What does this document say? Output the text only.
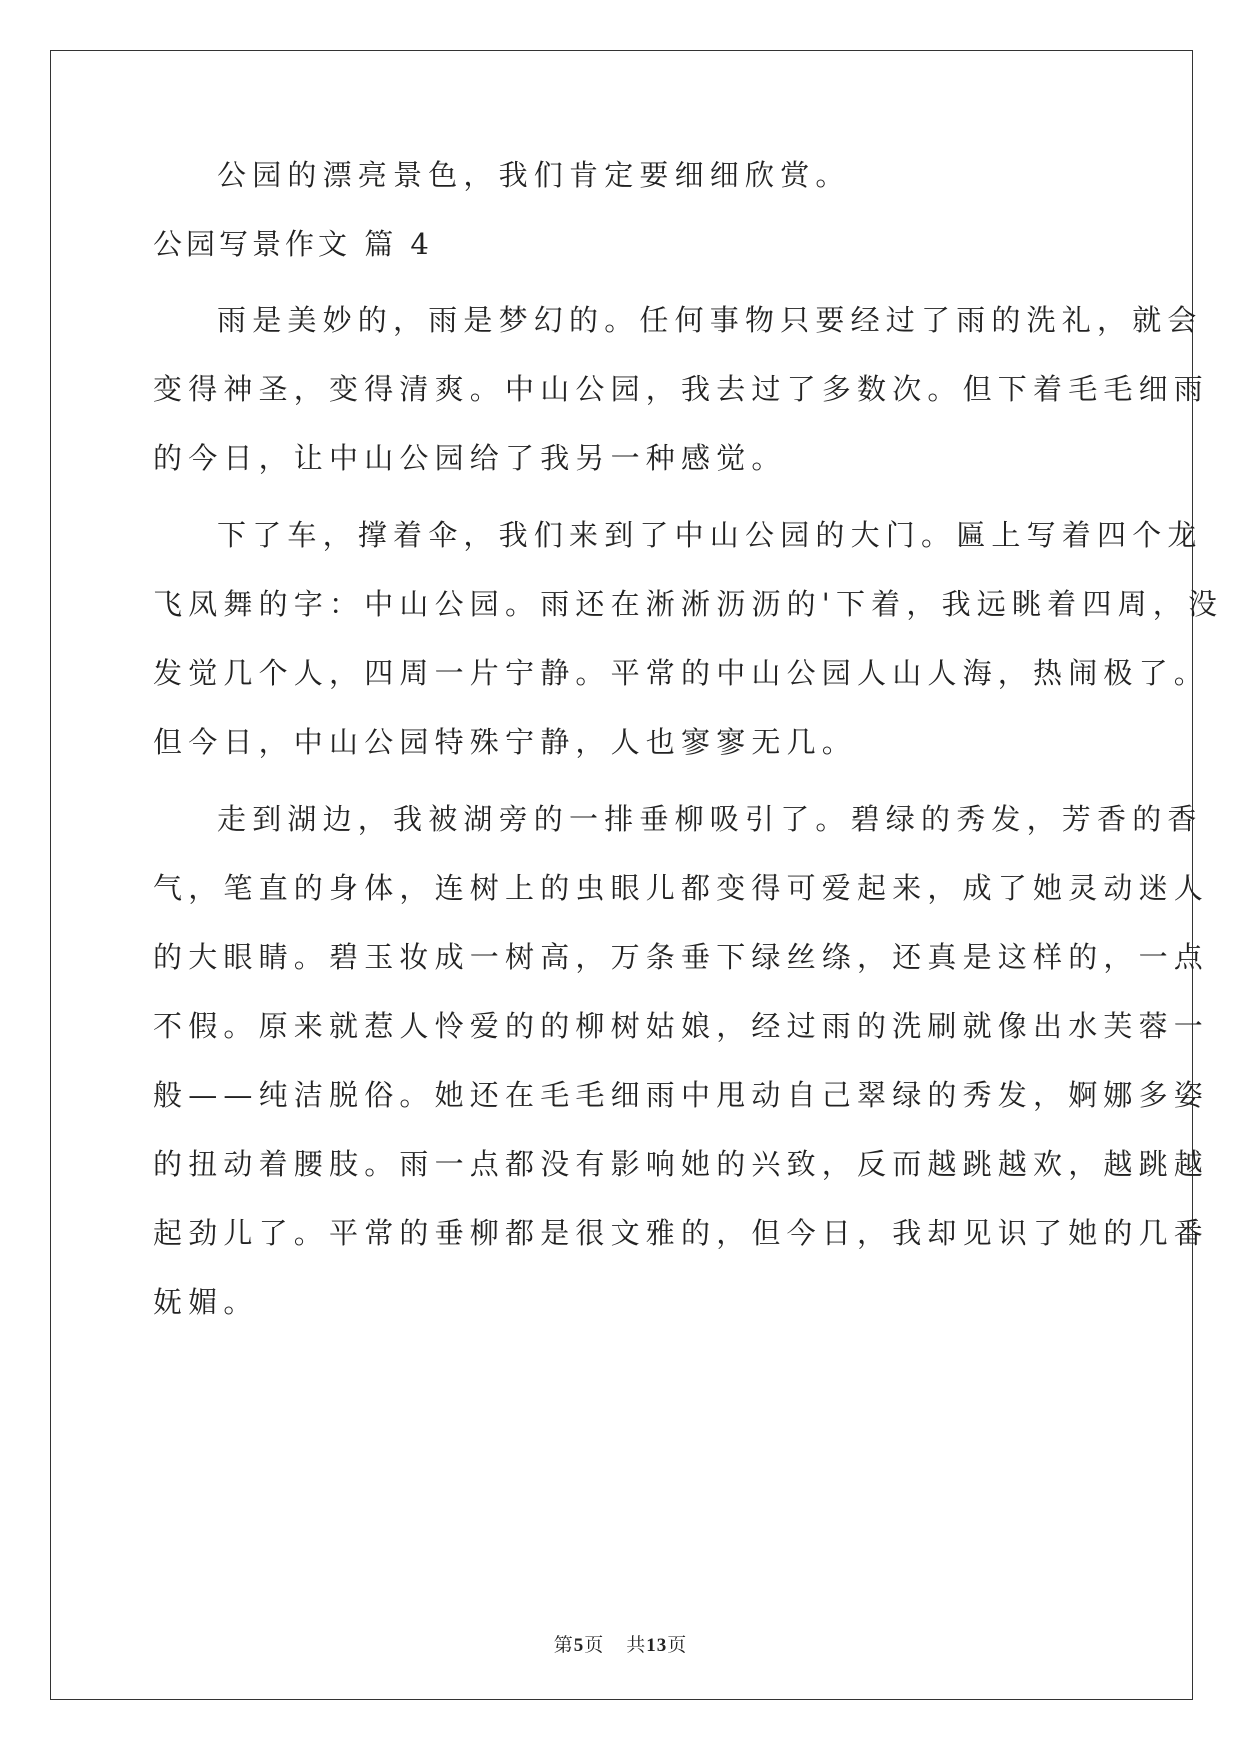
公园的漂亮景色，我们肯定要细细欣赏。
公园写景作文 篇 4
雨是美妙的，雨是梦幻的。任何事物只要经过了雨的洗礼，就会
变得神圣，变得清爽。中山公园，我去过了多数次。但下着毛毛细雨
的今日，让中山公园给了我另一种感觉。
下了车，撑着伞，我们来到了中山公园的大门。匾上写着四个龙
飞凤舞的字：中山公园。雨还在淅淅沥沥的'下着，我远眺着四周，没
发觉几个人，四周一片宁静。平常的中山公园人山人海，热闹极了。
但今日，中山公园特殊宁静，人也寥寥无几。
走到湖边，我被湖旁的一排垂柳吸引了。碧绿的秀发，芳香的香
气，笔直的身体，连树上的虫眼儿都变得可爱起来，成了她灵动迷人
的大眼睛。碧玉妆成一树高，万条垂下绿丝绦，还真是这样的，一点
不假。原来就惹人怜爱的的柳树姑娘，经过雨的洗刷就像出水芙蓉一
般——纯洁脱俗。她还在毛毛细雨中甩动自己翠绿的秀发，婀娜多姿
的扭动着腰肢。雨一点都没有影响她的兴致，反而越跳越欢，越跳越
起劲儿了。平常的垂柳都是很文雅的，但今日，我却见识了她的几番
妩媚。
第5页 共13页
